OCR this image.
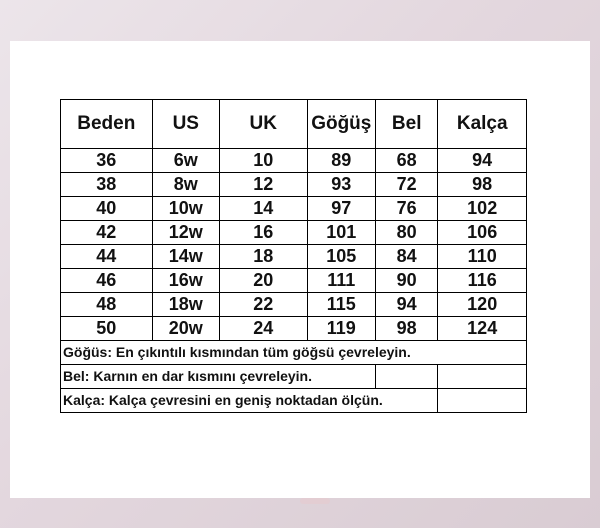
Beden	US	UK	Göğüş	Bel	Kalça
36	6w	10	89	68	94
38	8w	12	93	72	98
40	10w	14	97	76	102
42	12w	16	101	80	106
44	14w	18	105	84	110
46	16w	20	111	90	116
48	18w	22	115	94	120
50	20w	24	119	98	124
Göğüs: En çıkıntılı kısmından tüm göğsü çevreleyin.					
Bel: Karnın en dar kısmını çevreleyin.					
Kalça: Kalça çevresini en geniş noktadan ölçün.					
